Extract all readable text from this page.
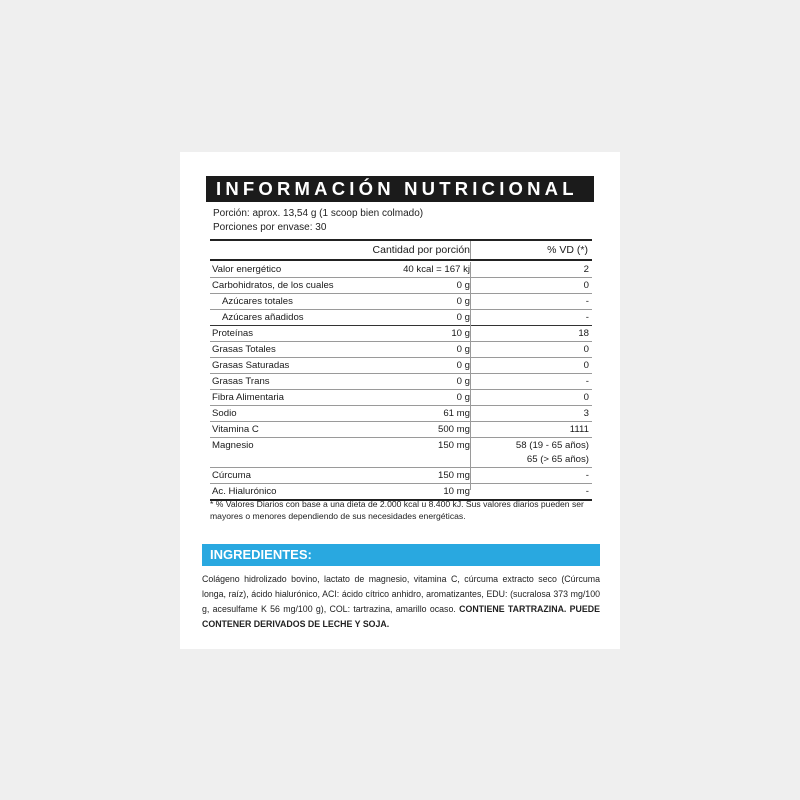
INFORMACIÓN NUTRICIONAL
Porción: aprox. 13,54 g (1 scoop bien colmado)
Porciones por envase: 30
Cantidad por porción	% VD (*)
Valor energético	40 kcal = 167 kj	2
Carbohidratos, de los cuales	0 g	0
Azúcares totales	0 g	-
Azúcares añadidos	0 g	-
Proteínas	10 g	18
Grasas Totales	0 g	0
Grasas Saturadas	0 g	0
Grasas Trans	0 g	-
Fibra Alimentaria	0 g	0
Sodio	61 mg	3
Vitamina C	500 mg	1111
Magnesio	150 mg	58 (19 - 65 años)
65 (> 65 años)
Cúrcuma	150 mg	-
Ac. Hialurónico	10 mg	-
* % Valores Diarios con base a una dieta de 2.000 kcal u 8.400 kJ. Sus valores diarios pueden ser mayores o menores dependiendo de sus necesidades energéticas.
INGREDIENTES:
Colágeno hidrolizado bovino, lactato de magnesio, vitamina C, cúrcuma extracto seco (Cúrcuma longa, raíz), ácido hialurónico, ACI: ácido cítrico anhidro, aromatizantes, EDU: (sucralosa 373 mg/100 g, acesulfame K 56 mg/100 g), COL: tartrazina, amarillo ocaso. CONTIENE TARTRAZINA. PUEDE CONTENER DERIVADOS DE LECHE Y SOJA.
